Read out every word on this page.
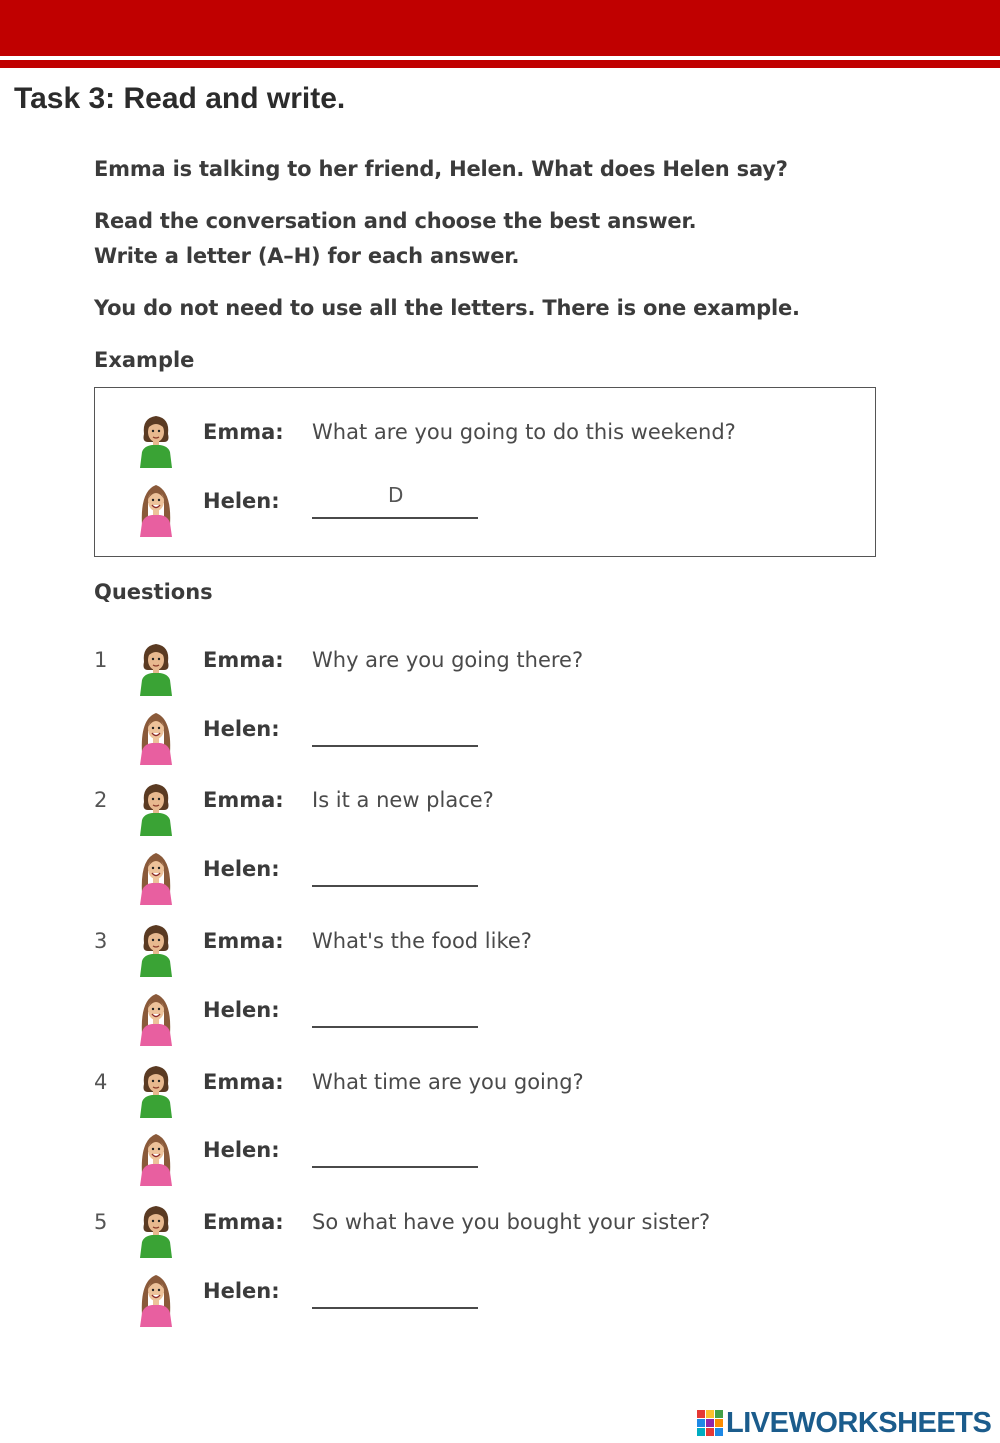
Task 3: Read and write.
Emma is talking to her friend, Helen. What does Helen say?
Read the conversation and choose the best answer.
Write a letter (A–H) for each answer.
You do not need to use all the letters. There is one example.
Example
Emma: What are you going to do this weekend?
Helen:	D
Questions
1	Emma: Why are you going there?
Helen:
2	Emma: Is it a new place?
Helen:
3	Emma: What's the food like?
Helen:
4	Emma: What time are you going?
Helen:
5	Emma: So what have you bought your sister?
Helen:
LIVEWORKSHEETS
